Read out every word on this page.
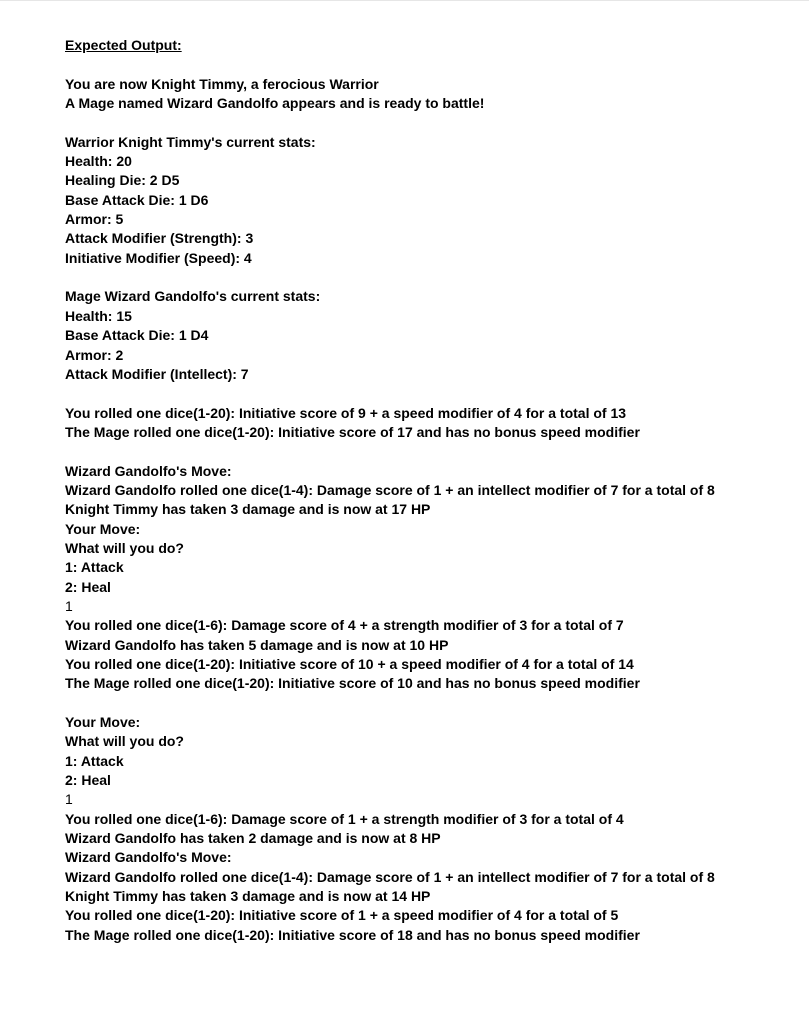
Expected Output:
You are now Knight Timmy, a ferocious Warrior
A Mage named Wizard Gandolfo appears and is ready to battle!
Warrior Knight Timmy's current stats:
Health: 20
Healing Die: 2 D5
Base Attack Die: 1 D6
Armor: 5
Attack Modifier (Strength): 3
Initiative Modifier (Speed): 4
Mage Wizard Gandolfo's current stats:
Health: 15
Base Attack Die: 1 D4
Armor: 2
Attack Modifier (Intellect): 7
You rolled one dice(1-20): Initiative score of 9 + a speed modifier of 4 for a total of 13
The Mage rolled one dice(1-20): Initiative score of 17 and has no bonus speed modifier
Wizard Gandolfo's Move:
Wizard Gandolfo rolled one dice(1-4): Damage score of 1 + an intellect modifier of 7 for a total of 8
Knight Timmy has taken 3 damage and is now at 17 HP
Your Move:
What will you do?
1: Attack
2: Heal
1
You rolled one dice(1-6): Damage score of 4 + a strength modifier of 3 for a total of 7
Wizard Gandolfo has taken 5 damage and is now at 10 HP
You rolled one dice(1-20): Initiative score of 10 + a speed modifier of 4 for a total of 14
The Mage rolled one dice(1-20): Initiative score of 10 and has no bonus speed modifier
Your Move:
What will you do?
1: Attack
2: Heal
1
You rolled one dice(1-6): Damage score of 1 + a strength modifier of 3 for a total of 4
Wizard Gandolfo has taken 2 damage and is now at 8 HP
Wizard Gandolfo's Move:
Wizard Gandolfo rolled one dice(1-4): Damage score of 1 + an intellect modifier of 7 for a total of 8
Knight Timmy has taken 3 damage and is now at 14 HP
You rolled one dice(1-20): Initiative score of 1 + a speed modifier of 4 for a total of 5
The Mage rolled one dice(1-20): Initiative score of 18 and has no bonus speed modifier
